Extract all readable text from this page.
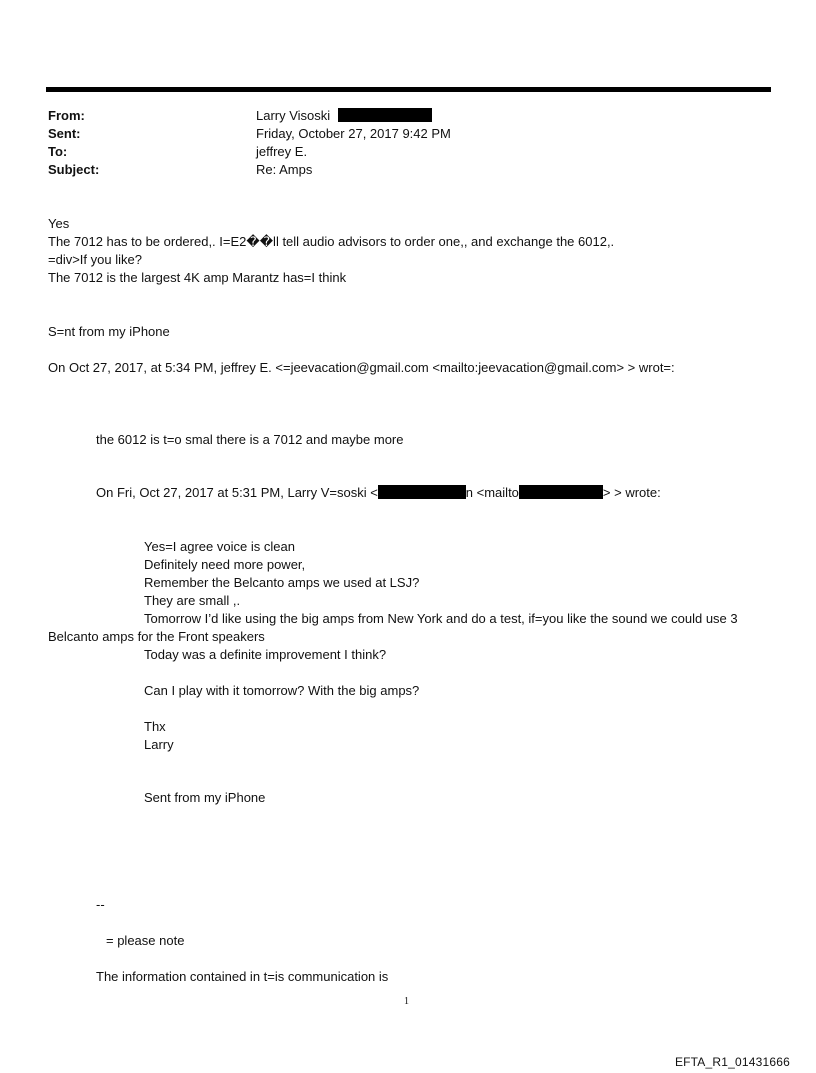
From:	Larry Visoski
Sent:	Friday, October 27, 2017 9:42 PM
To:	jeffrey E.
Subject:	Re: Amps
Yes
The 7012 has to be ordered,. I=E2��ll tell audio advisors to order one,, and exchange the 6012,.
=div>If you like?
The 7012 is the largest 4K amp Marantz has=I think
S=nt from my iPhone
On Oct 27, 2017, at 5:34 PM, jeffrey E. <=jeevacation@gmail.com <mailto:jeevacation@gmail.com> > wrot=:
the 6012 is t=o smal there is a 7012 and maybe more
On Fri, Oct 27, 2017 at 5:31 PM, Larry V=soski <	n <mailto	> > wrote:
Yes=I agree voice is clean
Definitely need more power,
Remember the Belcanto amps we used at LSJ?
They are small ,.
Tomorrow I’d like using the big amps from New York and do a test, if=you like the sound we could use 3
Belcanto amps for the Front speakers
Today was a definite improvement I think?
Can I play with it tomorrow? With the big amps?
Thx
Larry
Sent from my iPhone
--
= please note
The information contained in t=is communication is
1
EFTA_R1_01431666
